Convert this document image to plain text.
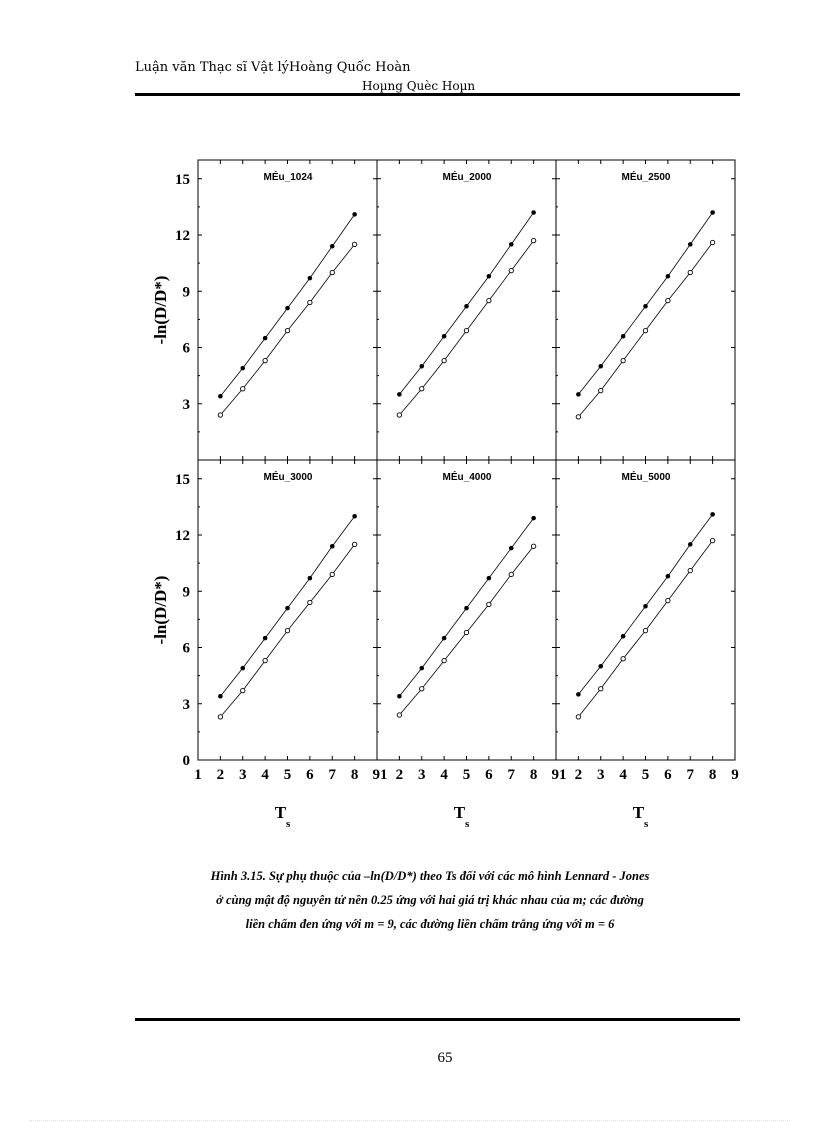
Luận văn Thạc sĩ Vật lýHoàng Quốc Hoàn
Hoµng Quèc Hoµn
3
6
9
12
15
-ln(D/D*)
0
3
6
9
12
15
-ln(D/D*)
1 2 3 4 5 6 7 8 91 2 3 4 5 6 7 8 91 2 3 4 5 6 7 8 9
$T_s$
$T_s$
$T_s$
MÉu_1024	MÉu_2000	MÉu_2500
MÉu_3000	MÉu_4000	MÉu_5000

Hình 3.15. Sự phụ thuộc của –ln(D/D*) theo Ts đối với các mô hình Lennard - Jones

ở cùng mật độ nguyên tử nền 0.25 ứng với hai giá trị khác nhau của m; các đường

liền chấm đen ứng với m = 9, các đường liền chấm trắng ứng với m = 6

65
